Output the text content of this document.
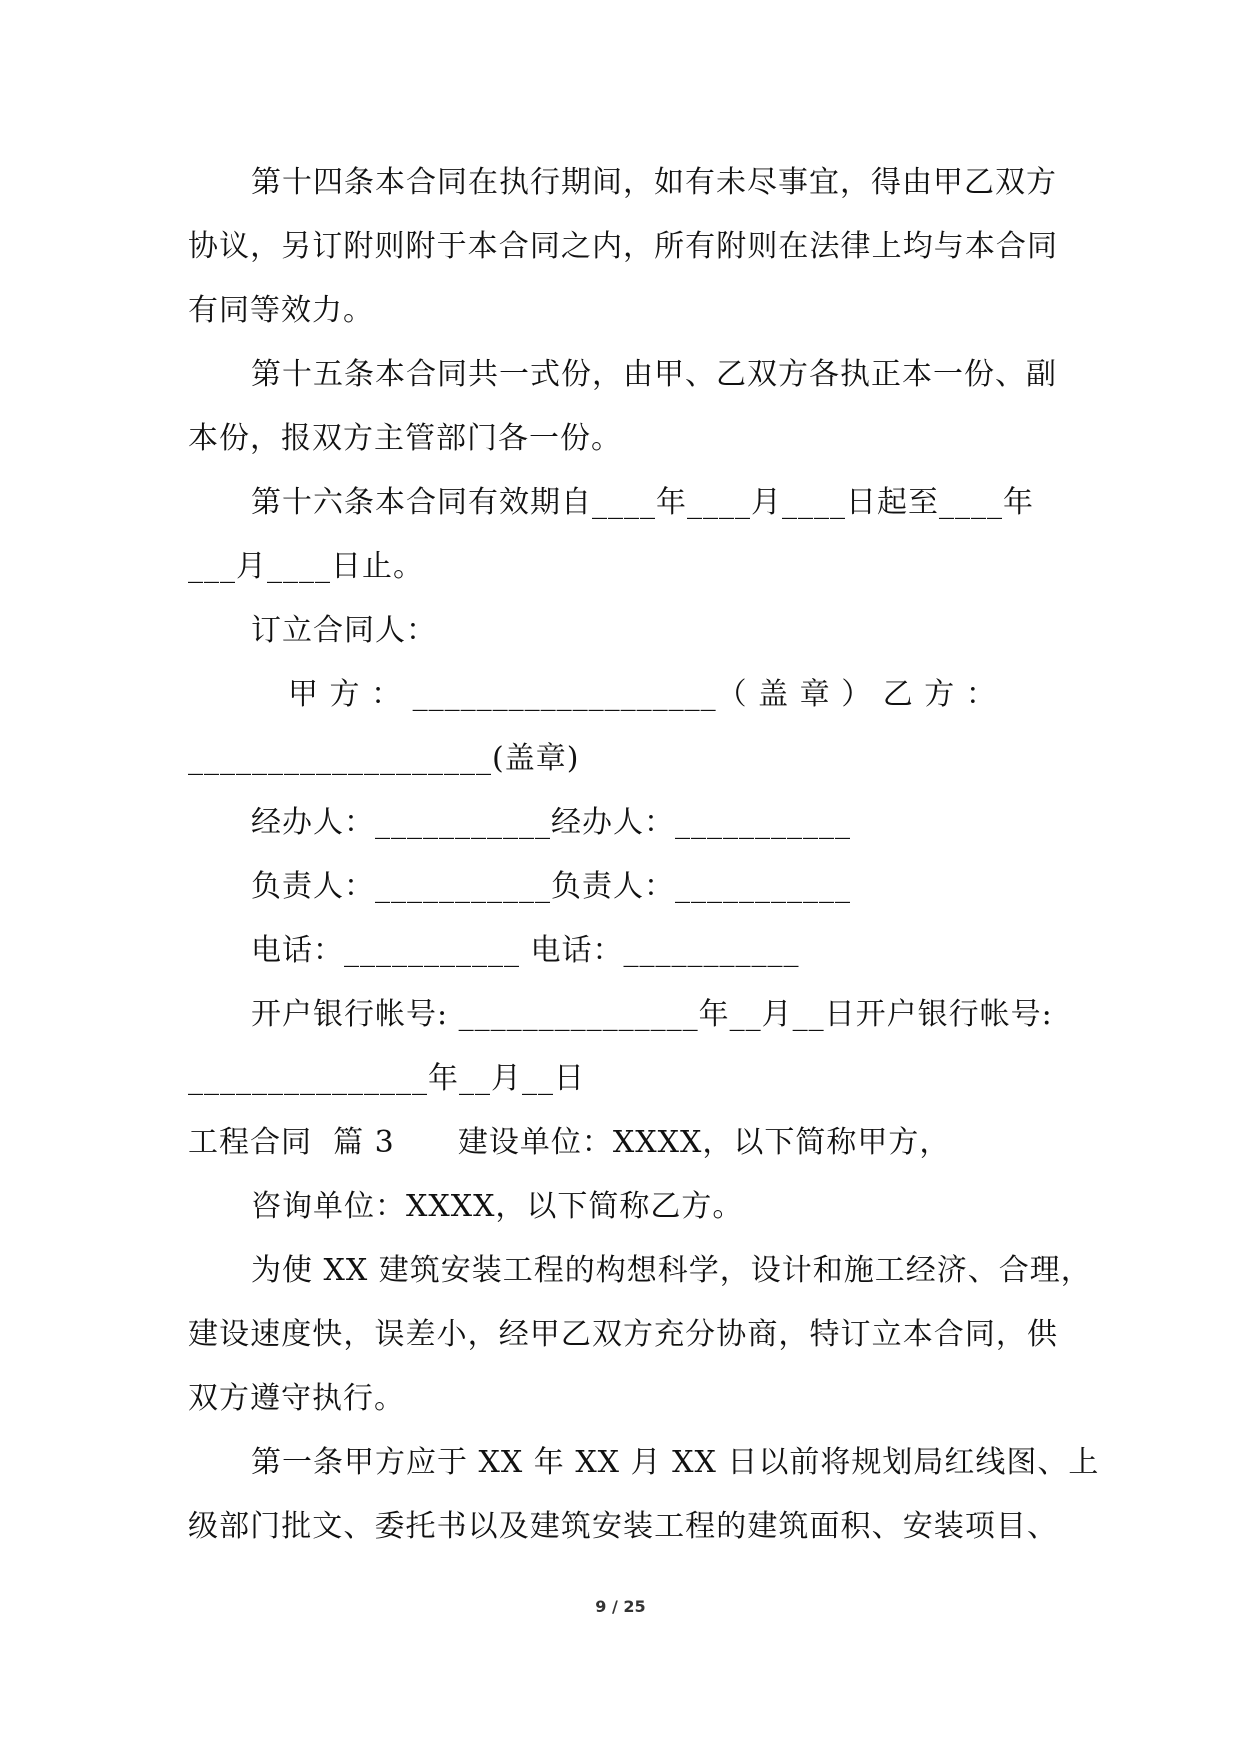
第十四条本合同在执行期间，如有未尽事宜，得由甲乙双方
协议，另订附则附于本合同之内，所有附则在法律上均与本合同
有同等效力。
第十五条本合同共一式份，由甲、乙双方各执正本一份、副
本份，报双方主管部门各一份。
第十六条本合同有效期自____年____月____日起至____年
___月____日止。
订立合同人：
甲 方 ： ___________________（ 盖 章 ） 乙 方 ：
___________________(盖章)
经办人：___________经办人：___________
负责人：___________负责人：___________
电话：___________ 电话：___________
开户银行帐号: _______________年__月__日开户银行帐号:
_______________年__月__日
工程合同  篇 3      建设单位：XXXX，以下简称甲方，
咨询单位：XXXX，以下简称乙方。
为使 XX 建筑安装工程的构想科学，设计和施工经济、合理，
建设速度快，误差小，经甲乙双方充分协商，特订立本合同，供
双方遵守执行。
第一条甲方应于 XX 年 XX 月 XX 日以前将规划局红线图、上
级部门批文、委托书以及建筑安装工程的建筑面积、安装项目、
9 / 25
